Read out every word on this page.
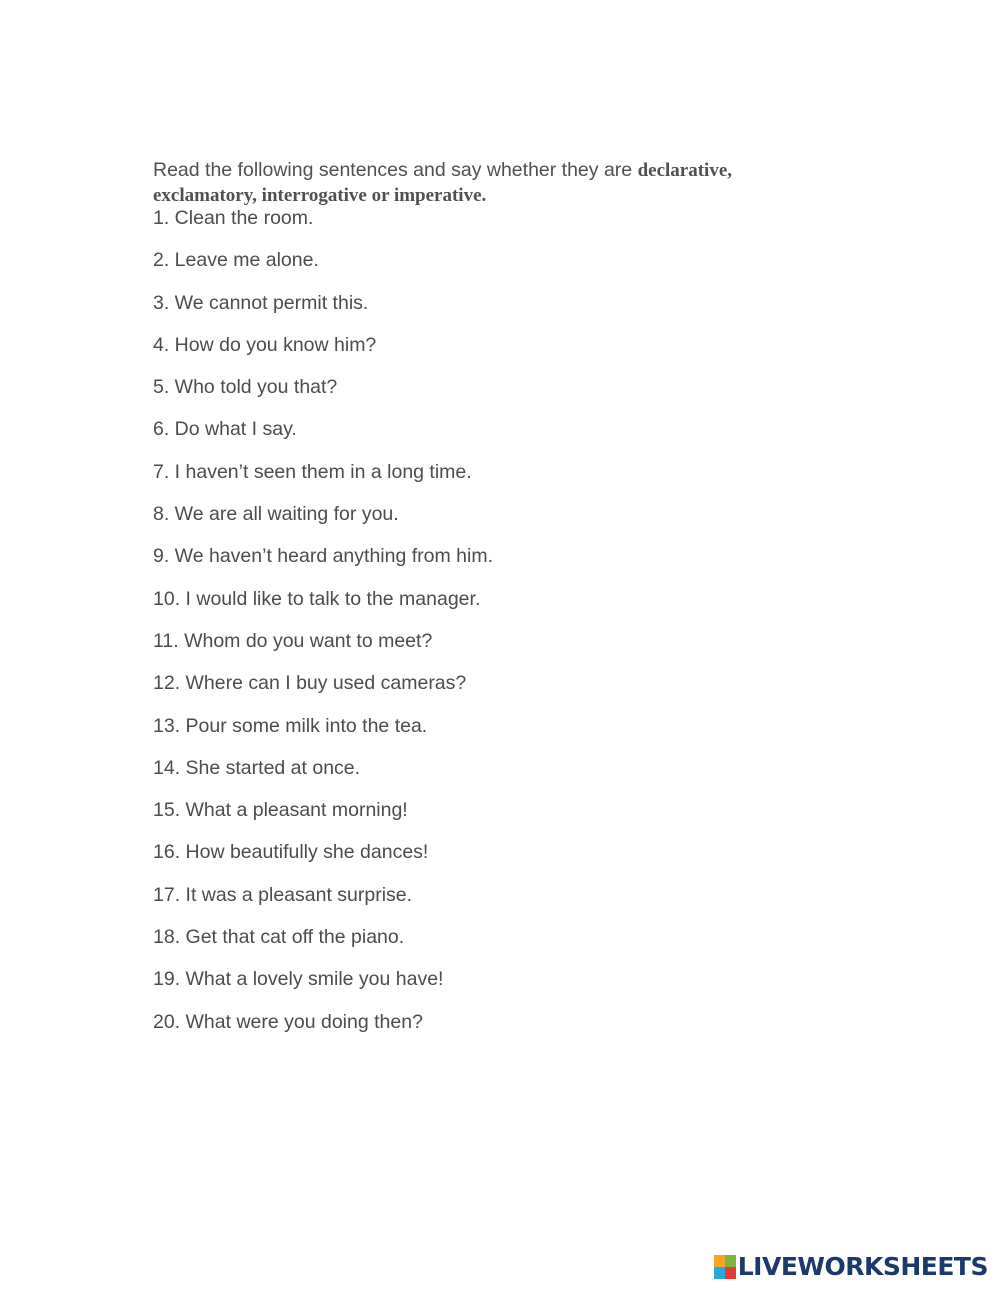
Read the following sentences and say whether they are declarative, exclamatory, interrogative or imperative.
1. Clean the room.
2. Leave me alone.
3. We cannot permit this.
4. How do you know him?
5. Who told you that?
6. Do what I say.
7. I haven’t seen them in a long time.
8. We are all waiting for you.
9. We haven’t heard anything from him.
10. I would like to talk to the manager.
11. Whom do you want to meet?
12. Where can I buy used cameras?
13. Pour some milk into the tea.
14. She started at once.
15. What a pleasant morning!
16. How beautifully she dances!
17. It was a pleasant surprise.
18. Get that cat off the piano.
19. What a lovely smile you have!
20. What were you doing then?
LIVEWORKSHEETS
